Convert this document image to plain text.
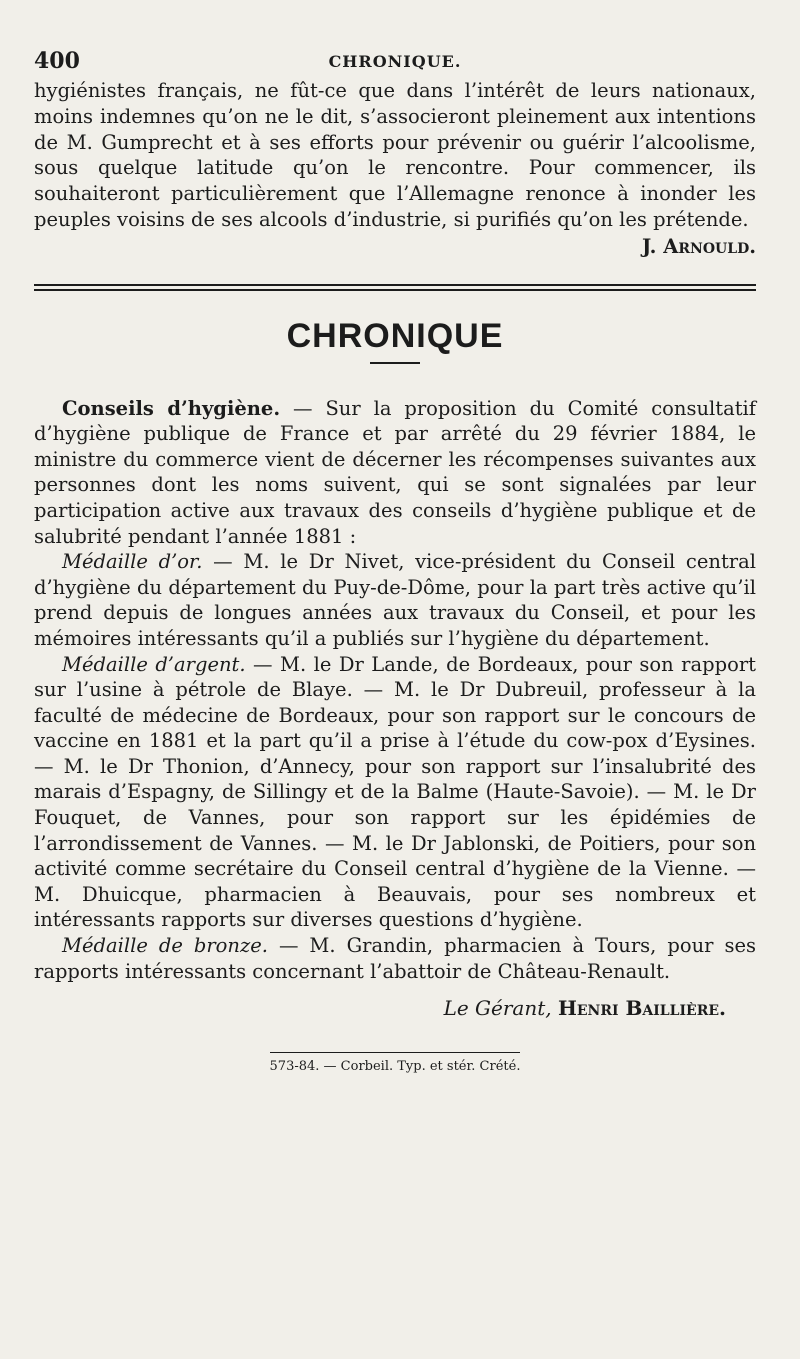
400	CHRONIQUE.

hygiénistes français, ne fût-ce que dans l’intérêt de leurs nationaux, moins indemnes qu’on ne le dit, s’associeront pleinement aux intentions de M. Gumprecht et à ses efforts pour prévenir ou guérir l’alcoolisme, sous quelque latitude qu’on le rencontre. Pour commencer, ils souhaiteront particulièrement que l’Allemagne renonce à inonder les peuples voisins de ses alcools d’industrie, si purifiés qu’on les prétende.

J. Arnould.
CHRONIQUE

Conseils d’hygiène. — Sur la proposition du Comité consultatif d’hygiène publique de France et par arrêté du 29 février 1884, le ministre du commerce vient de décerner les récompenses suivantes aux personnes dont les noms suivent, qui se sont signalées par leur participation active aux travaux des conseils d’hygiène publique et de salubrité pendant l’année 1881 :

Médaille d’or. — M. le Dr Nivet, vice-président du Conseil central d’hygiène du département du Puy-de-Dôme, pour la part très active qu’il prend depuis de longues années aux travaux du Conseil, et pour les mémoires intéressants qu’il a publiés sur l’hygiène du département.

Médaille d’argent. — M. le Dr Lande, de Bordeaux, pour son rapport sur l’usine à pétrole de Blaye. — M. le Dr Dubreuil, professeur à la faculté de médecine de Bordeaux, pour son rapport sur le concours de vaccine en 1881 et la part qu’il a prise à l’étude du cow-pox d’Eysines. — M. le Dr Thonion, d’Annecy, pour son rapport sur l’insalubrité des marais d’Espagny, de Sillingy et de la Balme (Haute-Savoie). — M. le Dr Fouquet, de Vannes, pour son rapport sur les épidémies de l’arrondissement de Vannes. — M. le Dr Jablonski, de Poitiers, pour son activité comme secrétaire du Conseil central d’hygiène de la Vienne. — M. Dhuicque, pharmacien à Beauvais, pour ses nombreux et intéressants rapports sur diverses questions d’hygiène.

Médaille de bronze. — M. Grandin, pharmacien à Tours, pour ses rapports intéressants concernant l’abattoir de Château-Renault.

Le Gérant, Henri Baillière.
573-84. — Corbeil. Typ. et stér. Crété.
